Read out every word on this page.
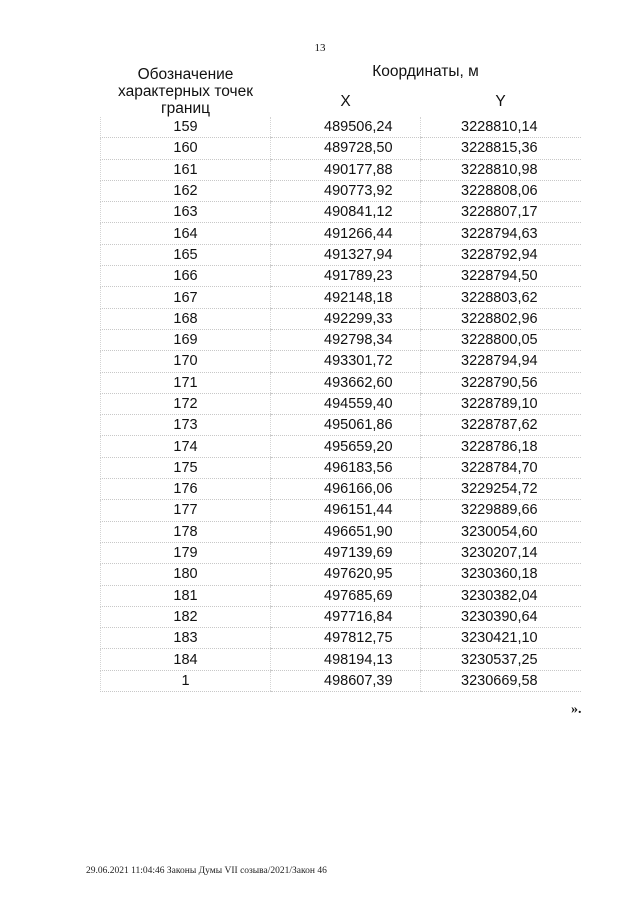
13
Обозначение характерных точек границ	Координаты, м	
	X	Y
159	489506,24	3228810,14
160	489728,50	3228815,36
161	490177,88	3228810,98
162	490773,92	3228808,06
163	490841,12	3228807,17
164	491266,44	3228794,63
165	491327,94	3228792,94
166	491789,23	3228794,50
167	492148,18	3228803,62
168	492299,33	3228802,96
169	492798,34	3228800,05
170	493301,72	3228794,94
171	493662,60	3228790,56
172	494559,40	3228789,10
173	495061,86	3228787,62
174	495659,20	3228786,18
175	496183,56	3228784,70
176	496166,06	3229254,72
177	496151,44	3229889,66
178	496651,90	3230054,60
179	497139,69	3230207,14
180	497620,95	3230360,18
181	497685,69	3230382,04
182	497716,84	3230390,64
183	497812,75	3230421,10
184	498194,13	3230537,25
1	498607,39	3230669,58
».
29.06.2021 11:04:46 Законы Думы VII созыва/2021/Закон 46
